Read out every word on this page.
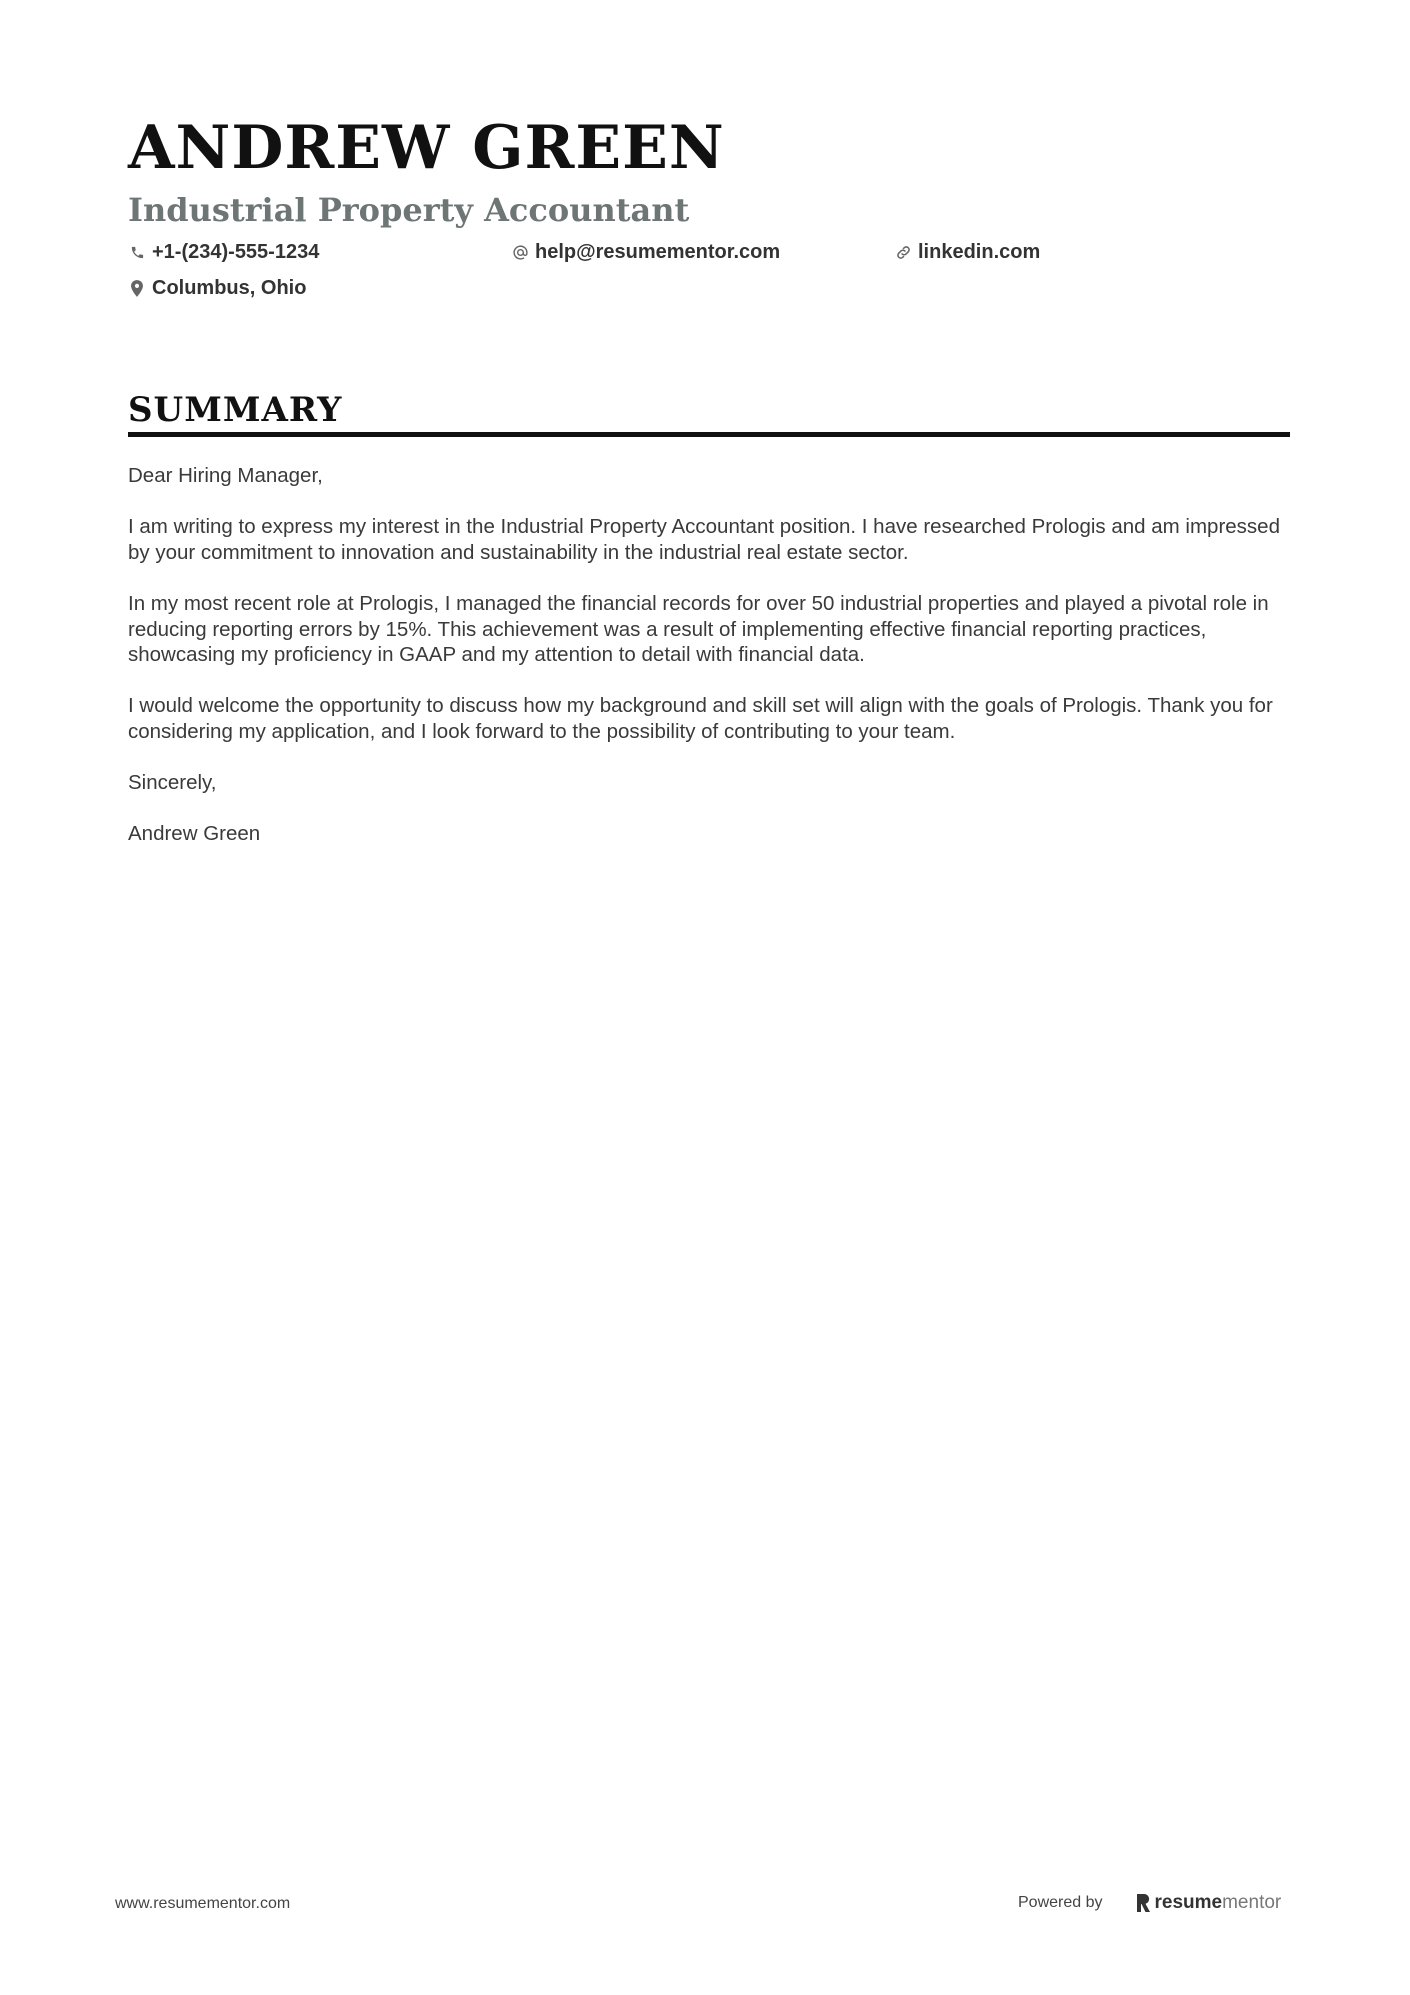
ANDREW GREEN
Industrial Property Accountant
+1-(234)-555-1234	help@resumementor.com	linkedin.com
Columbus, Ohio
SUMMARY

Dear Hiring Manager,

I am writing to express my interest in the Industrial Property Accountant position. I have researched Prologis and am impressed by your commitment to innovation and sustainability in the industrial real estate sector.

In my most recent role at Prologis, I managed the financial records for over 50 industrial properties and played a pivotal role in reducing reporting errors by 15%. This achievement was a result of implementing effective financial reporting practices, showcasing my proficiency in GAAP and my attention to detail with financial data.

I would welcome the opportunity to discuss how my background and skill set will align with the goals of Prologis. Thank you for considering my application, and I look forward to the possibility of contributing to your team.

Sincerely,

Andrew Green

www.resumementor.com	Powered by	resume mentor
